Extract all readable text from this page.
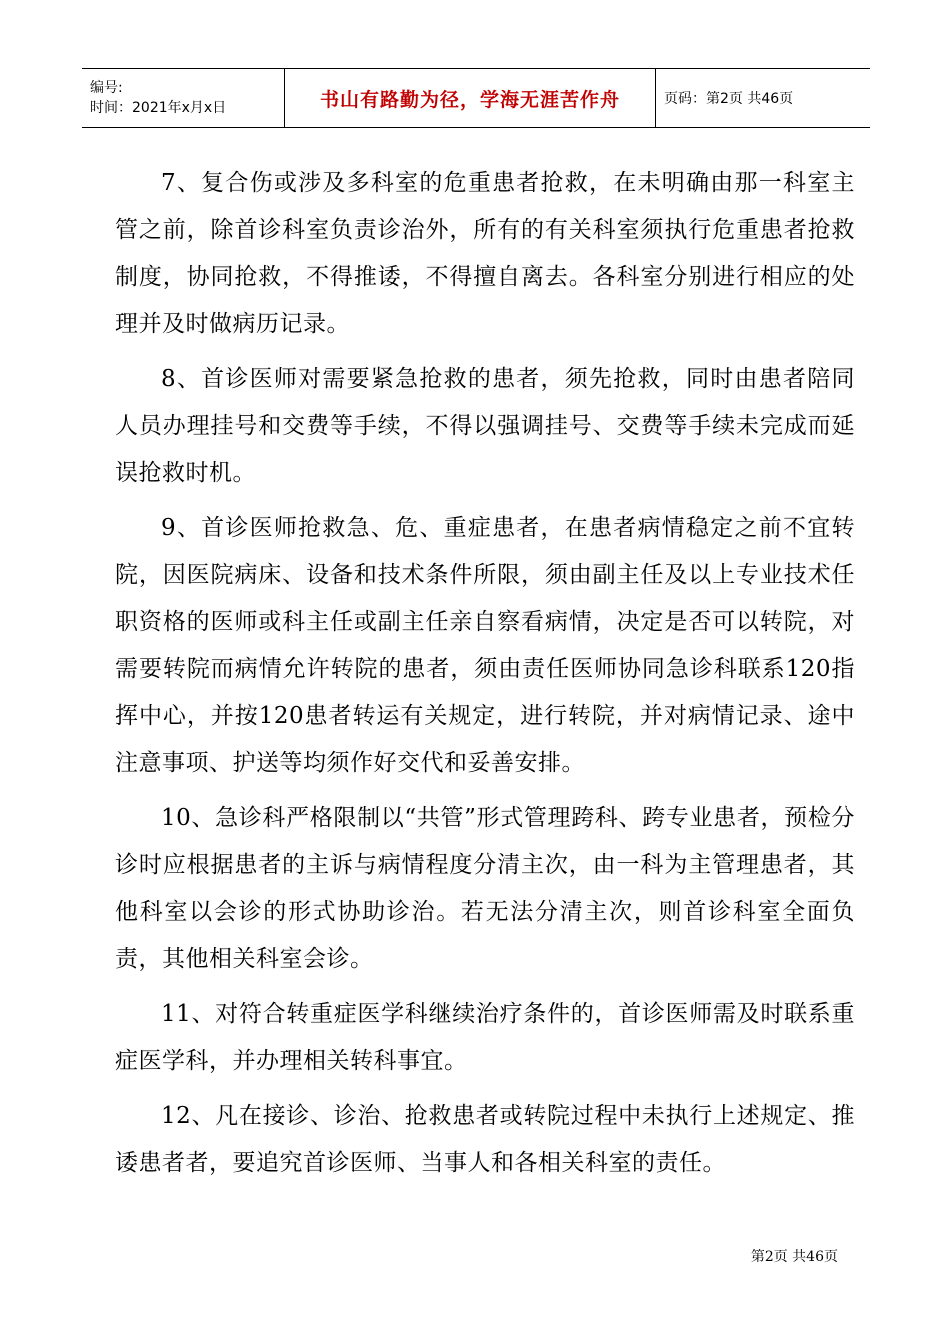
编号:
时间：2021年x月x日	书山有路勤为径，学海无涯苦作舟	页码：第2页 共46页

7、复合伤或涉及多科室的危重患者抢救，在未明确由那一科室主管之前，除首诊科室负责诊治外，所有的有关科室须执行危重患者抢救制度，协同抢救，不得推诿，不得擅自离去。各科室分别进行相应的处理并及时做病历记录。

8、首诊医师对需要紧急抢救的患者，须先抢救，同时由患者陪同人员办理挂号和交费等手续，不得以强调挂号、交费等手续未完成而延误抢救时机。

9、首诊医师抢救急、危、重症患者，在患者病情稳定之前不宜转院，因医院病床、设备和技术条件所限，须由副主任及以上专业技术任职资格的医师或科主任或副主任亲自察看病情，决定是否可以转院，对需要转院而病情允许转院的患者，须由责任医师协同急诊科联系120指挥中心，并按120患者转运有关规定，进行转院，并对病情记录、途中注意事项、护送等均须作好交代和妥善安排。

10、急诊科严格限制以“共管”形式管理跨科、跨专业患者，预检分诊时应根据患者的主诉与病情程度分清主次，由一科为主管理患者，其他科室以会诊的形式协助诊治。若无法分清主次，则首诊科室全面负责，其他相关科室会诊。

11、对符合转重症医学科继续治疗条件的，首诊医师需及时联系重症医学科，并办理相关转科事宜。

12、凡在接诊、诊治、抢救患者或转院过程中未执行上述规定、推诿患者者，要追究首诊医师、当事人和各相关科室的责任。

第2页 共46页
